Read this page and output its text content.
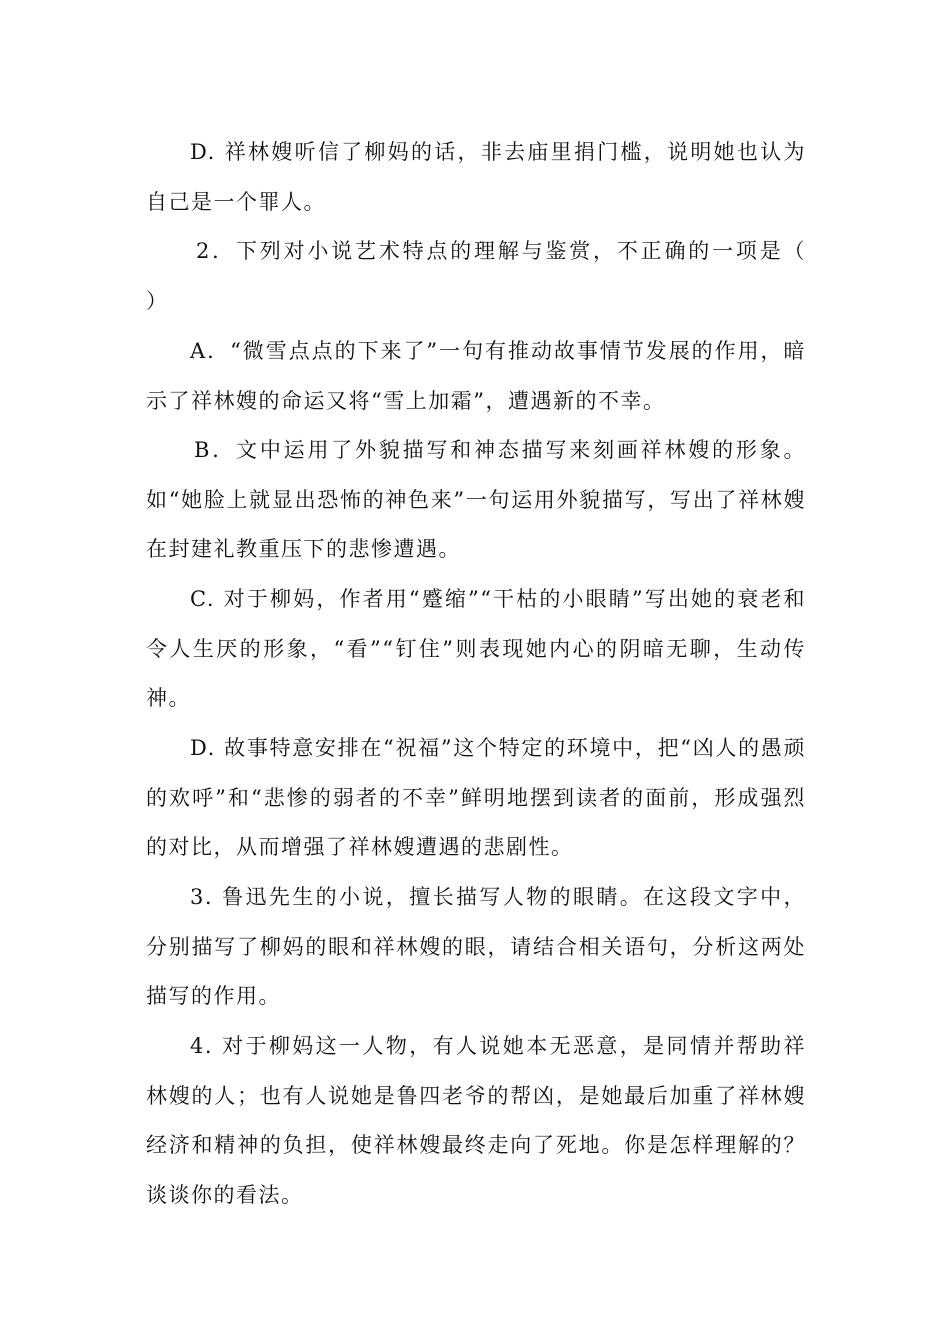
D. 祥林嫂听信了柳妈的话，非去庙里捐门槛，说明她也认为自己是一个罪人。

2．下列对小说艺术特点的理解与鉴赏，不正确的一项是（　　）

A．“微雪点点的下来了”一句有推动故事情节发展的作用，暗示了祥林嫂的命运又将“雪上加霜”，遭遇新的不幸。

B．文中运用了外貌描写和神态描写来刻画祥林嫂的形象。如“她脸上就显出恐怖的神色来”一句运用外貌描写，写出了祥林嫂在封建礼教重压下的悲惨遭遇。

C. 对于柳妈，作者用“蹙缩”“干枯的小眼睛”写出她的衰老和令人生厌的形象，“看”“钉住”则表现她内心的阴暗无聊，生动传神。

D. 故事特意安排在“祝福”这个特定的环境中，把“凶人的愚顽的欢呼”和“悲惨的弱者的不幸”鲜明地摆到读者的面前，形成强烈的对比，从而增强了祥林嫂遭遇的悲剧性。

3. 鲁迅先生的小说，擅长描写人物的眼睛。在这段文字中，分别描写了柳妈的眼和祥林嫂的眼，请结合相关语句，分析这两处描写的作用。

4. 对于柳妈这一人物，有人说她本无恶意，是同情并帮助祥林嫂的人；也有人说她是鲁四老爷的帮凶，是她最后加重了祥林嫂经济和精神的负担，使祥林嫂最终走向了死地。你是怎样理解的？谈谈你的看法。
